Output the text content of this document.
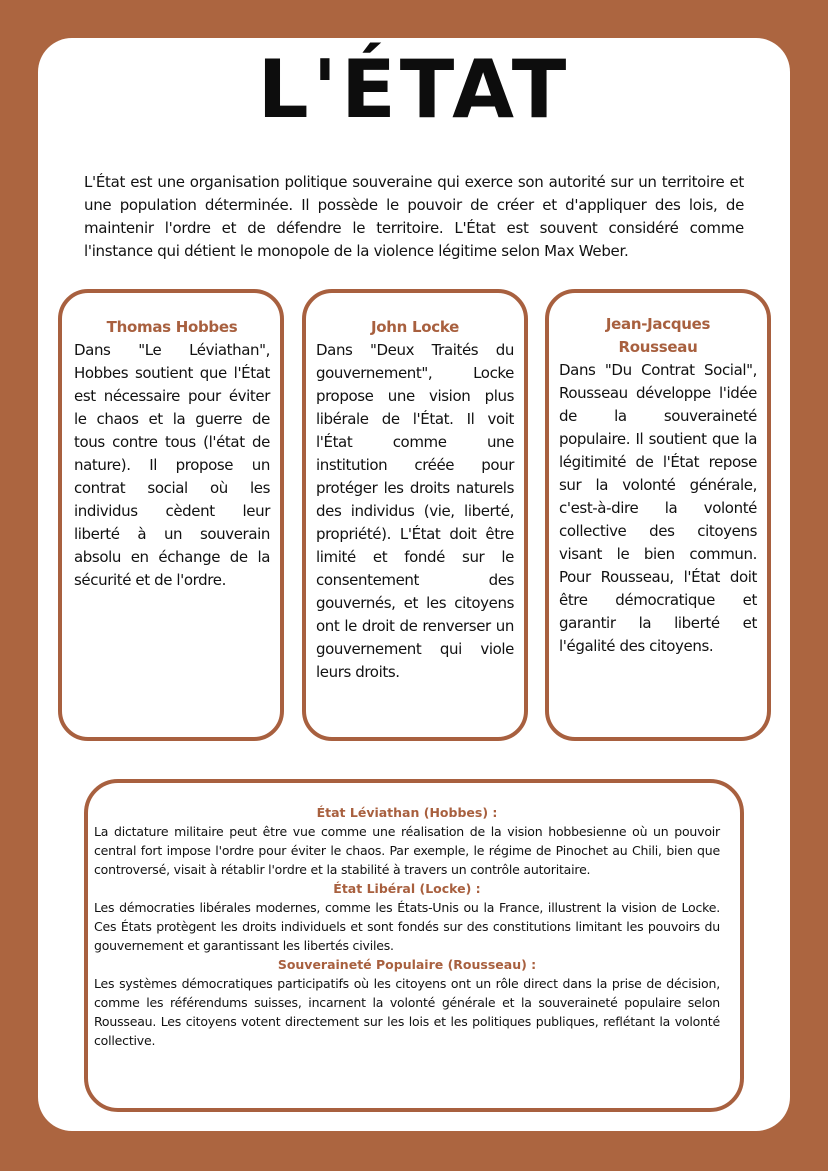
L'ÉTAT

L'État est une organisation politique souveraine qui exerce son autorité sur un territoire et une population déterminée. Il possède le pouvoir de créer et d'appliquer des lois, de maintenir l'ordre et de défendre le territoire. L'État est souvent considéré comme l'instance qui détient le monopole de la violence légitime selon Max Weber.

Thomas Hobbes

Dans "Le Léviathan", Hobbes soutient que l'État est nécessaire pour éviter le chaos et la guerre de tous contre tous (l'état de nature). Il propose un contrat social où les individus cèdent leur liberté à un souverain absolu en échange de la sécurité et de l'ordre.

John Locke

Dans "Deux Traités du gouvernement", Locke propose une vision plus libérale de l'État. Il voit l'État comme une institution créée pour protéger les droits naturels des individus (vie, liberté, propriété). L'État doit être limité et fondé sur le consentement des gouvernés, et les citoyens ont le droit de renverser un gouvernement qui viole leurs droits.

Jean-Jacques Rousseau

Dans "Du Contrat Social", Rousseau développe l'idée de la souveraineté populaire. Il soutient que la légitimité de l'État repose sur la volonté générale, c'est-à-dire la volonté collective des citoyens visant le bien commun. Pour Rousseau, l'État doit être démocratique et garantir la liberté et l'égalité des citoyens.

État Léviathan (Hobbes) :

La dictature militaire peut être vue comme une réalisation de la vision hobbesienne où un pouvoir central fort impose l'ordre pour éviter le chaos. Par exemple, le régime de Pinochet au Chili, bien que controversé, visait à rétablir l'ordre et la stabilité à travers un contrôle autoritaire.

État Libéral (Locke) :

Les démocraties libérales modernes, comme les États-Unis ou la France, illustrent la vision de Locke. Ces États protègent les droits individuels et sont fondés sur des constitutions limitant les pouvoirs du gouvernement et garantissant les libertés civiles.

Souveraineté Populaire (Rousseau) :

Les systèmes démocratiques participatifs où les citoyens ont un rôle direct dans la prise de décision, comme les référendums suisses, incarnent la volonté générale et la souveraineté populaire selon Rousseau. Les citoyens votent directement sur les lois et les politiques publiques, reflétant la volonté collective.
